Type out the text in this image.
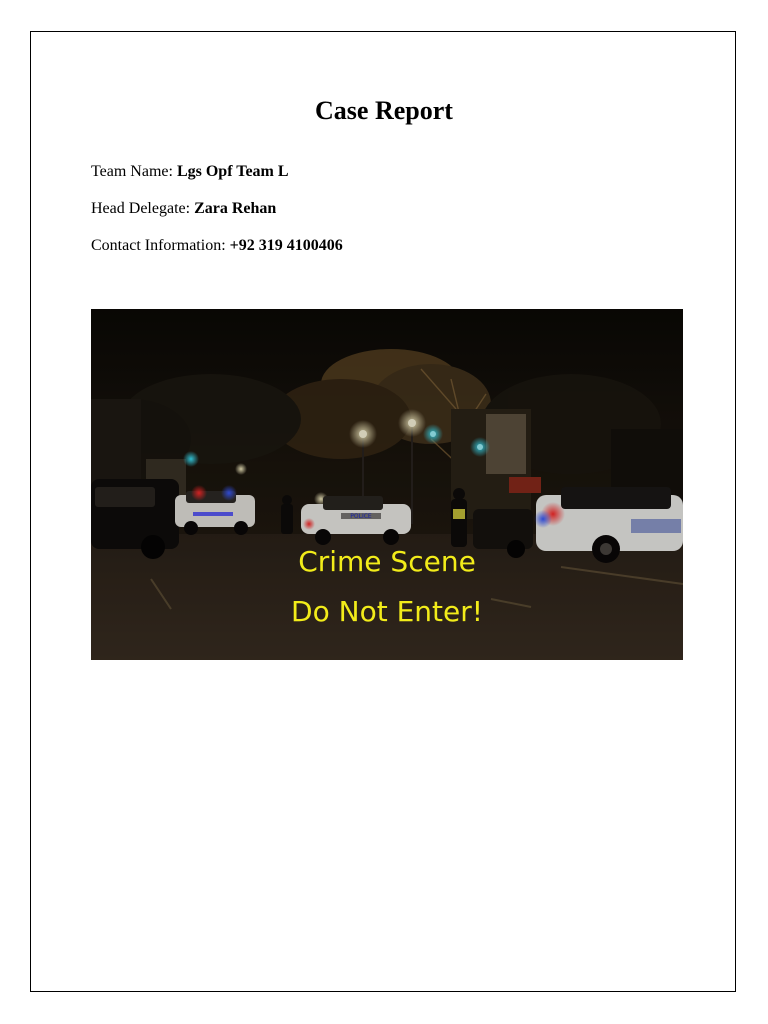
Case Report

Team Name: Lgs Opf Team L

Head Delegate: Zara Rehan

Contact Information: +92 319 4100406

POLICE
Crime Scene
Do Not Enter!
